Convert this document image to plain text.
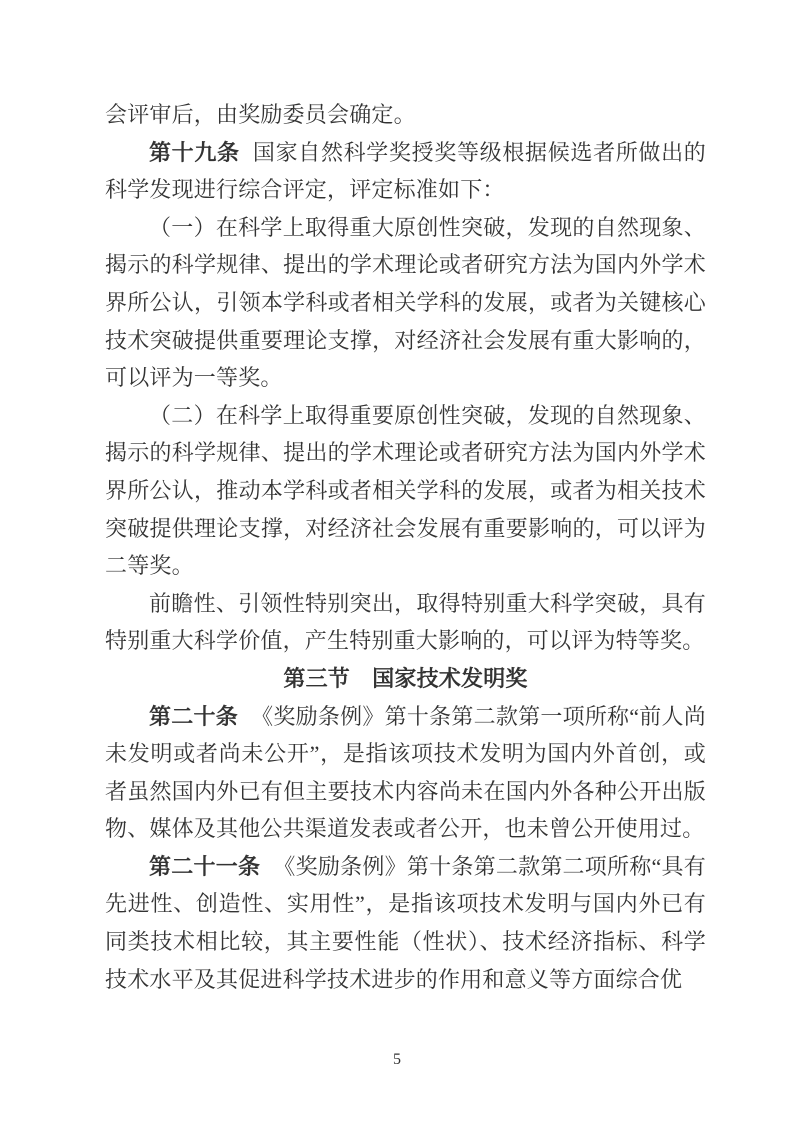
会评审后，由奖励委员会确定。

第十九条 国家自然科学奖授奖等级根据候选者所做出的科学发现进行综合评定，评定标准如下：

（一）在科学上取得重大原创性突破，发现的自然现象、揭示的科学规律、提出的学术理论或者研究方法为国内外学术界所公认，引领本学科或者相关学科的发展，或者为关键核心技术突破提供重要理论支撑，对经济社会发展有重大影响的，可以评为一等奖。

（二）在科学上取得重要原创性突破，发现的自然现象、揭示的科学规律、提出的学术理论或者研究方法为国内外学术界所公认，推动本学科或者相关学科的发展，或者为相关技术突破提供理论支撑，对经济社会发展有重要影响的，可以评为二等奖。

前瞻性、引领性特别突出，取得特别重大科学突破，具有特别重大科学价值，产生特别重大影响的，可以评为特等奖。

第三节　国家技术发明奖

第二十条 《奖励条例》第十条第二款第一项所称“前人尚未发明或者尚未公开”，是指该项技术发明为国内外首创，或者虽然国内外已有但主要技术内容尚未在国内外各种公开出版物、媒体及其他公共渠道发表或者公开，也未曾公开使用过。

第二十一条 《奖励条例》第十条第二款第二项所称“具有先进性、创造性、实用性”，是指该项技术发明与国内外已有同类技术相比较，其主要性能（性状）、技术经济指标、科学技术水平及其促进科学技术进步的作用和意义等方面综合优

5
